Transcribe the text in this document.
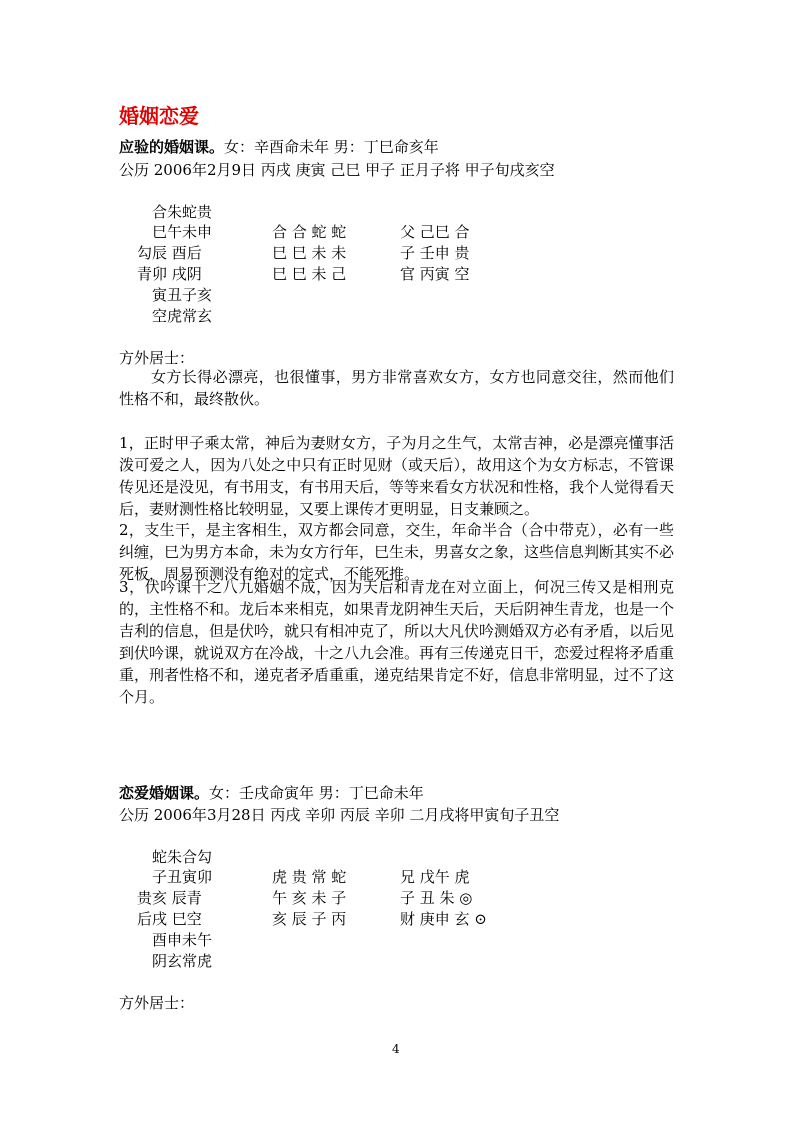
婚姻恋爱
应验的婚姻课。女：辛酉命未年 男：丁巳命亥年
公历 2006年2月9日 丙戌 庚寅 己巳 甲子 正月子将 甲子旬戌亥空
合朱蛇贵
巳午未申
勾辰 酉后
青卯 戌阴
寅丑子亥
空虎常玄
合 合 蛇 蛇
巳 巳 未 未
巳 巳 未 己
父 己巳 合
子 壬申 贵
官 丙寅 空
方外居士：
女方长得必漂亮，也很懂事，男方非常喜欢女方，女方也同意交往，然而他们性格不和，最终散伙。
1，正时甲子乘太常，神后为妻财女方，子为月之生气，太常吉神，必是漂亮懂事活泼可爱之人，因为八处之中只有正时见财（或天后），故用这个为女方标志，不管课传见还是没见，有书用支，有书用天后，等等来看女方状况和性格，我个人觉得看天后，妻财测性格比较明显，又要上课传才更明显，日支兼顾之。
2，支生干，是主客相生，双方都会同意，交生，年命半合（合中带克），必有一些纠缠，巳为男方本命，未为女方行年，巳生未，男喜女之象，这些信息判断其实不必死板，周易预测没有绝对的定式，不能死推。
3，伏吟课十之八九婚姻不成，因为天后和青龙在对立面上，何况三传又是相刑克的，主性格不和。龙后本来相克，如果青龙阴神生天后，天后阴神生青龙，也是一个吉利的信息，但是伏吟，就只有相冲克了，所以大凡伏吟测婚双方必有矛盾，以后见到伏吟课，就说双方在冷战，十之八九会准。再有三传递克日干，恋爱过程将矛盾重重，刑者性格不和，递克者矛盾重重，递克结果肯定不好，信息非常明显，过不了这个月。
恋爱婚姻课。女：壬戌命寅年 男：丁巳命未年
公历 2006年3月28日 丙戌 辛卯 丙辰 辛卯 二月戌将甲寅旬子丑空
蛇朱合勾
子丑寅卯
贵亥 辰青
后戌 巳空
酉申未午
阴玄常虎
虎 贵 常 蛇
午 亥 未 子
亥 辰 子 丙
兄 戊午 虎
子 丑 朱 ◎
财 庚申 玄 ⊙
方外居士：
4
